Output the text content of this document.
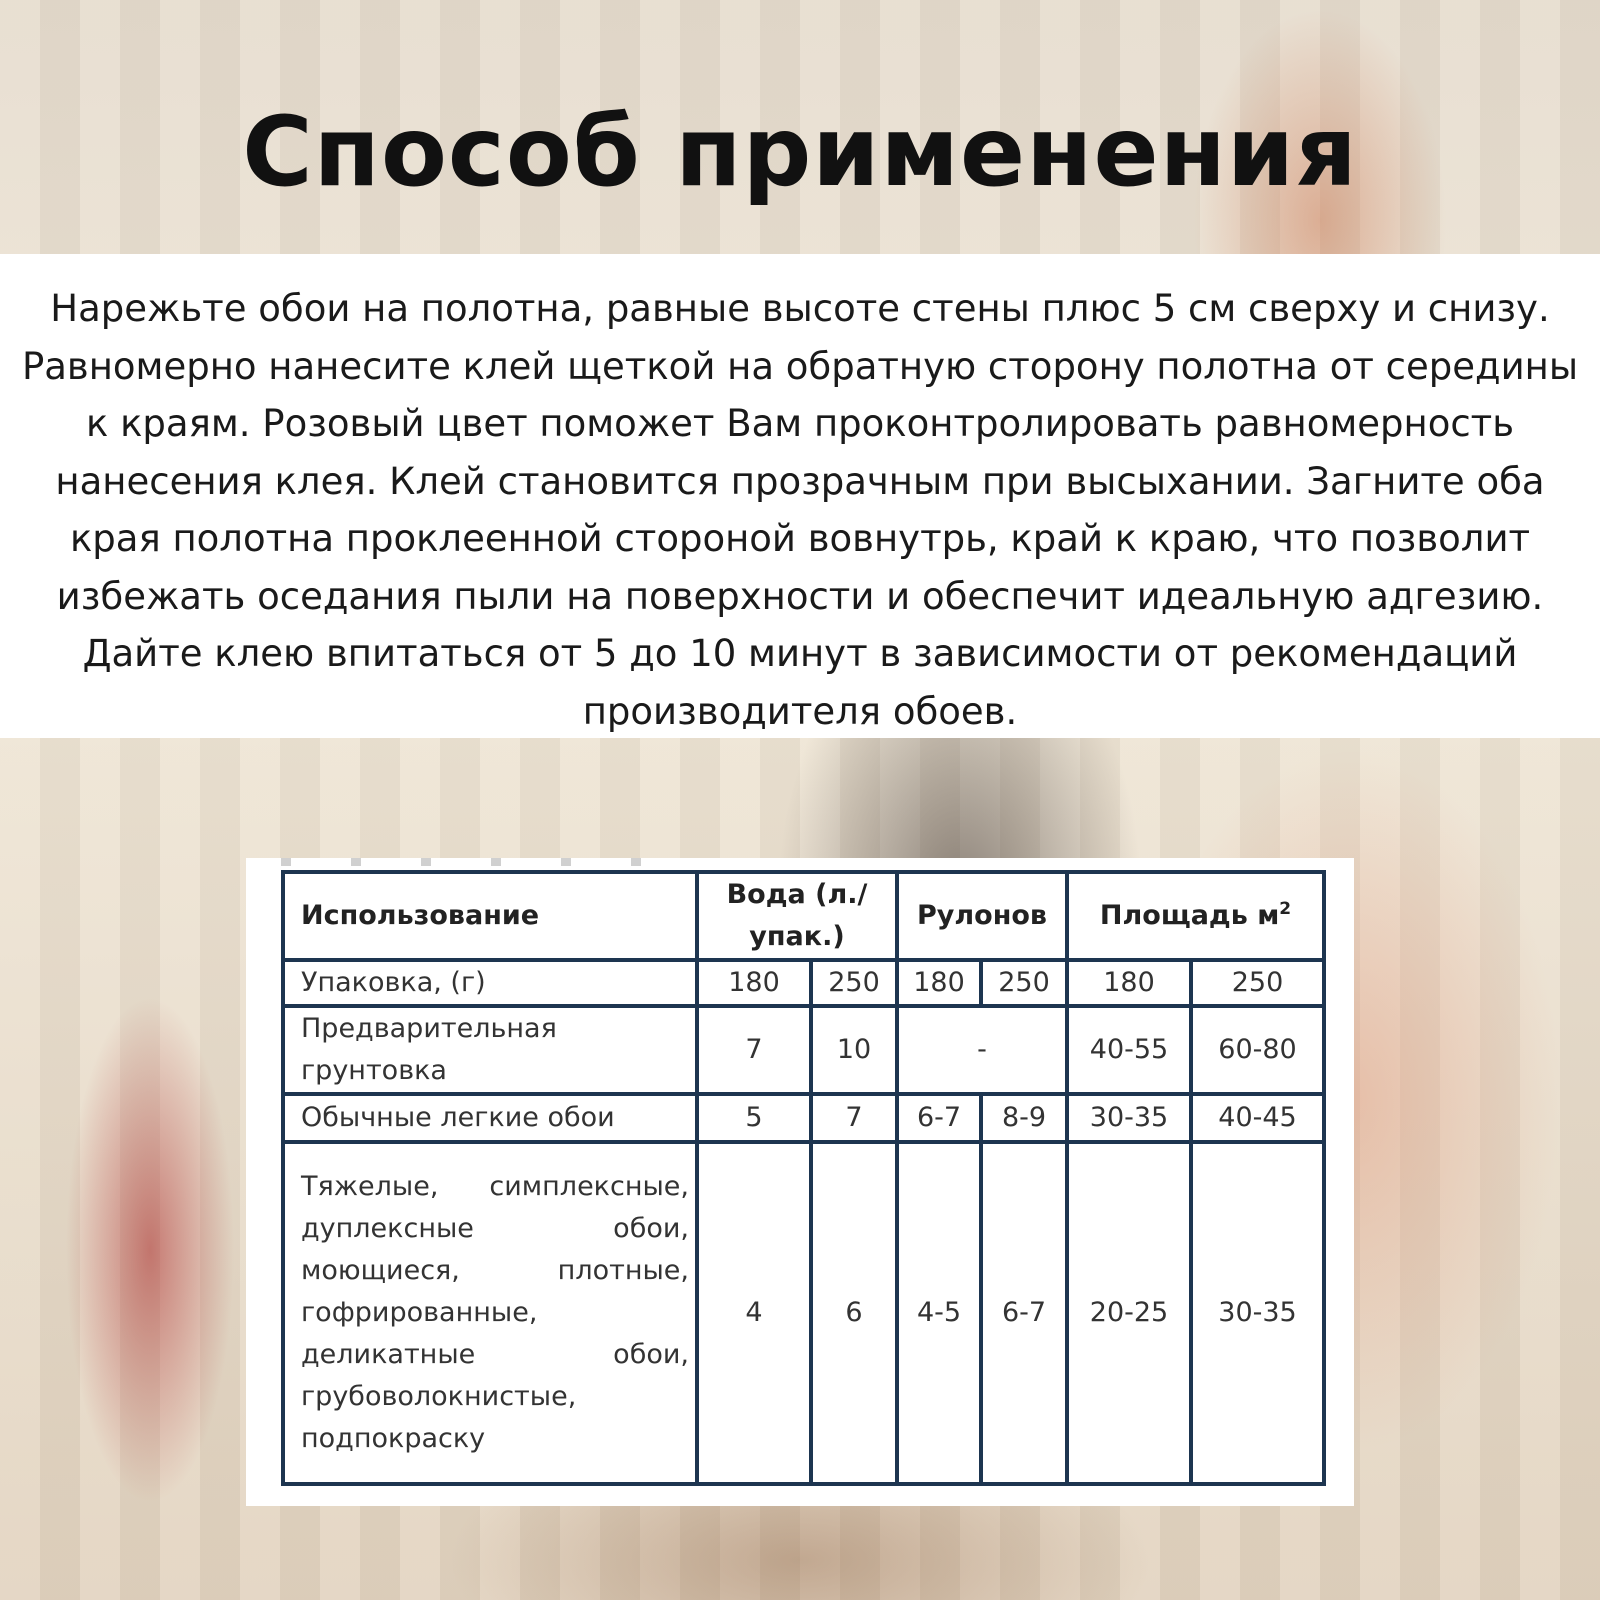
Способ применения
Нарежьте обои на полотна, равные высоте стены плюс 5 см сверху и снизу. Равномерно нанесите клей щеткой на обратную сторону полотна от середины к краям. Розовый цвет поможет Вам проконтролировать равномерность нанесения клея. Клей становится прозрачным при высыхании. Загните оба края полотна проклеенной стороной вовнутрь, край к краю, что позволит избежать оседания пыли на поверхности и обеспечит идеальную адгезию. Дайте клею впитаться от 5 до 10 минут в зависимости от рекомендаций производителя обоев.
Использование	Вода (л./упак.)		Рулонов		Площадь $м^2$
Упаковка, (г)	180	250	180	250	180	250
Предварительная грунтовка	7	10	-		40-55	60-80
Обычные легкие обои	5	7	6-7	8-9	30-35	40-45
Тяжелые, симплексные, дуплексные обои, моющиеся, плотные, гофрированные, деликатные обои, грубоволокнистые, подпокраску	4	6	4-5	6-7	20-25	30-35
